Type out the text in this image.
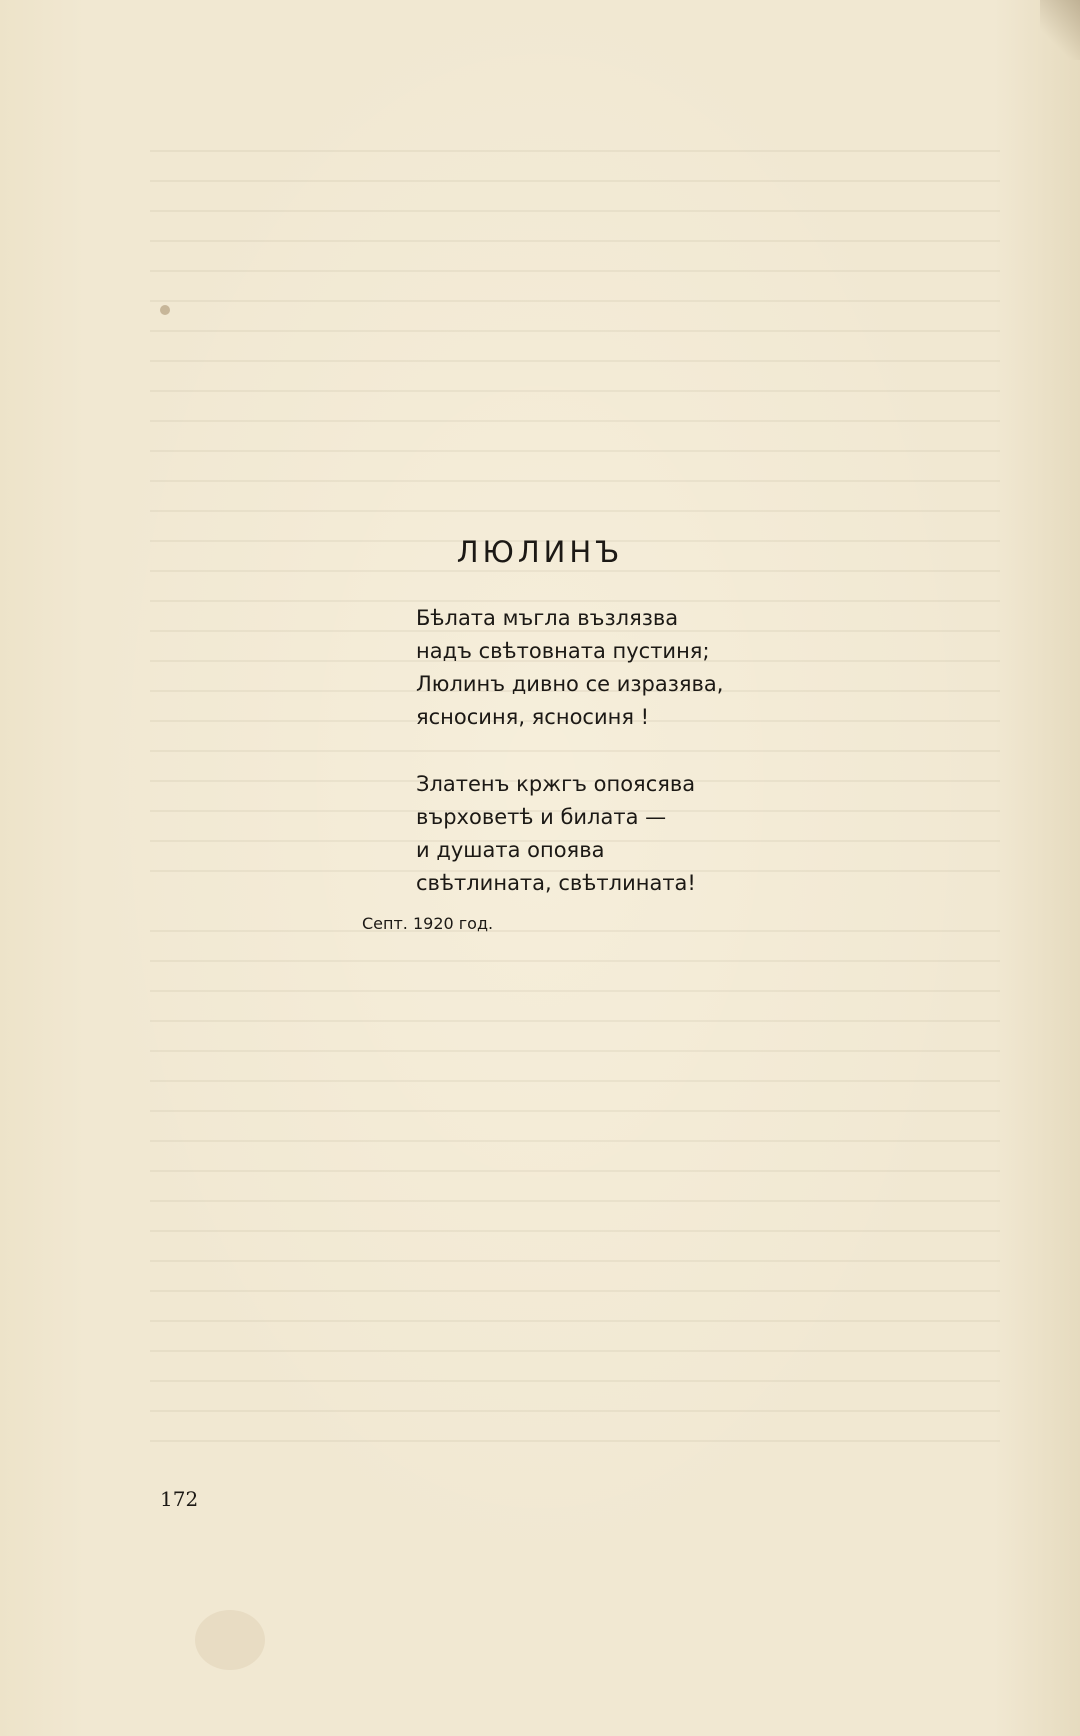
ЛЮЛИНЪ
Бѣлата мъгла възлязва
надъ свѣтовната пустиня;
Люлинъ дивно се изразява,
ясносиня, ясносиня !
Златенъ кржгъ опоясява
върховетѣ и билата —
и душата опоява
свѣтлината, свѣтлината!
Септ. 1920 год.
172
